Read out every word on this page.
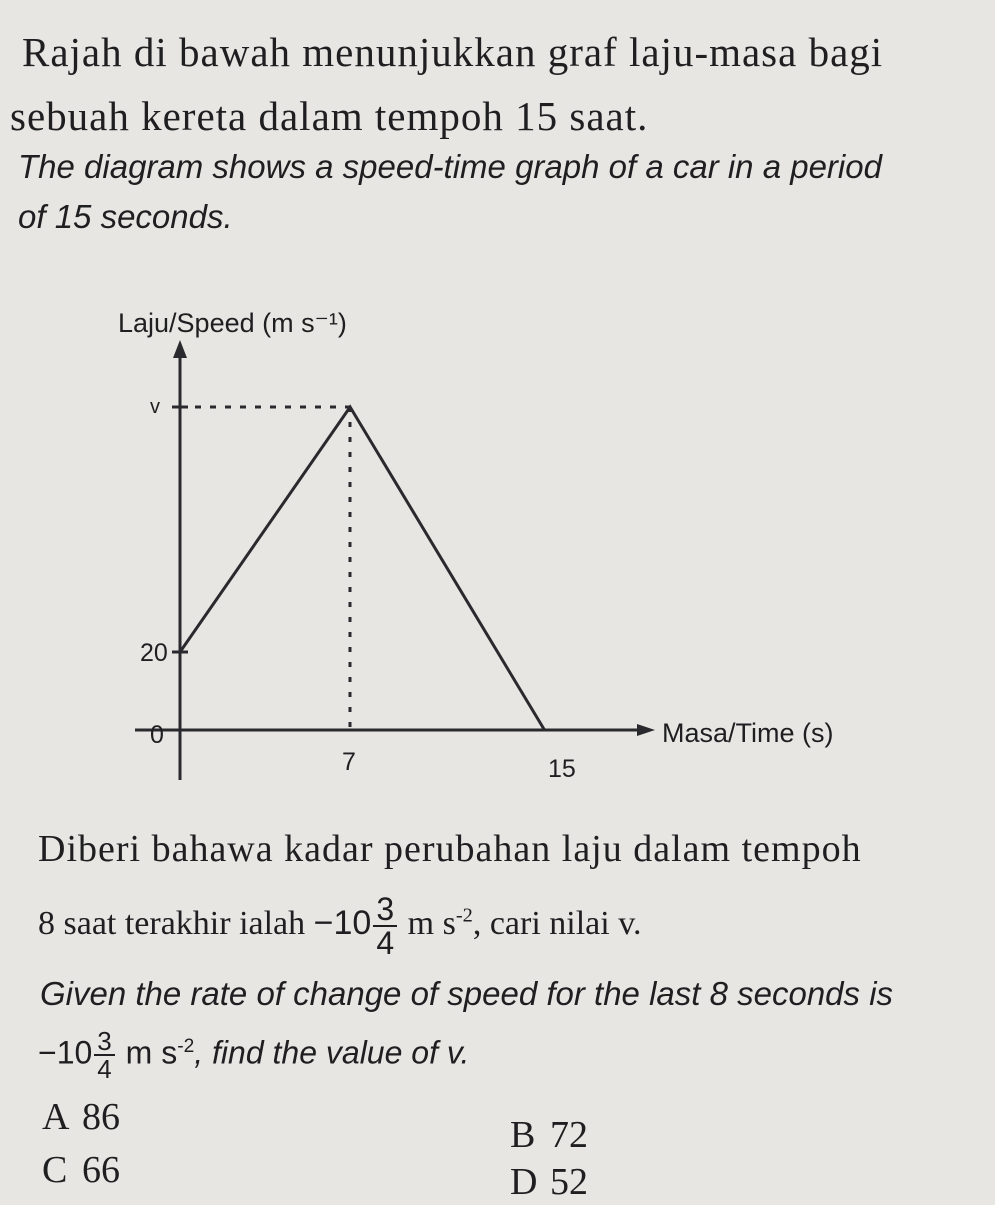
Rajah di bawah menunjukkan graf laju-masa bagi
sebuah kereta dalam tempoh 15 saat.
The diagram shows a speed-time graph of a car in a period
of 15 seconds.
Laju/Speed (m s⁻¹)
Masa/Time (s)
v
20
0
7	15
Diberi bahawa kadar perubahan laju dalam tempoh
8 saat terakhir ialah $-10 \frac{3}{4}$ m $s^{-2}$, cari nilai v.
Given the rate of change of speed for the last 8 seconds is
$-10 \frac{3}{4}$ m $s^{-2}$, find the value of v.
A 86	B 72
C 66	D 52
